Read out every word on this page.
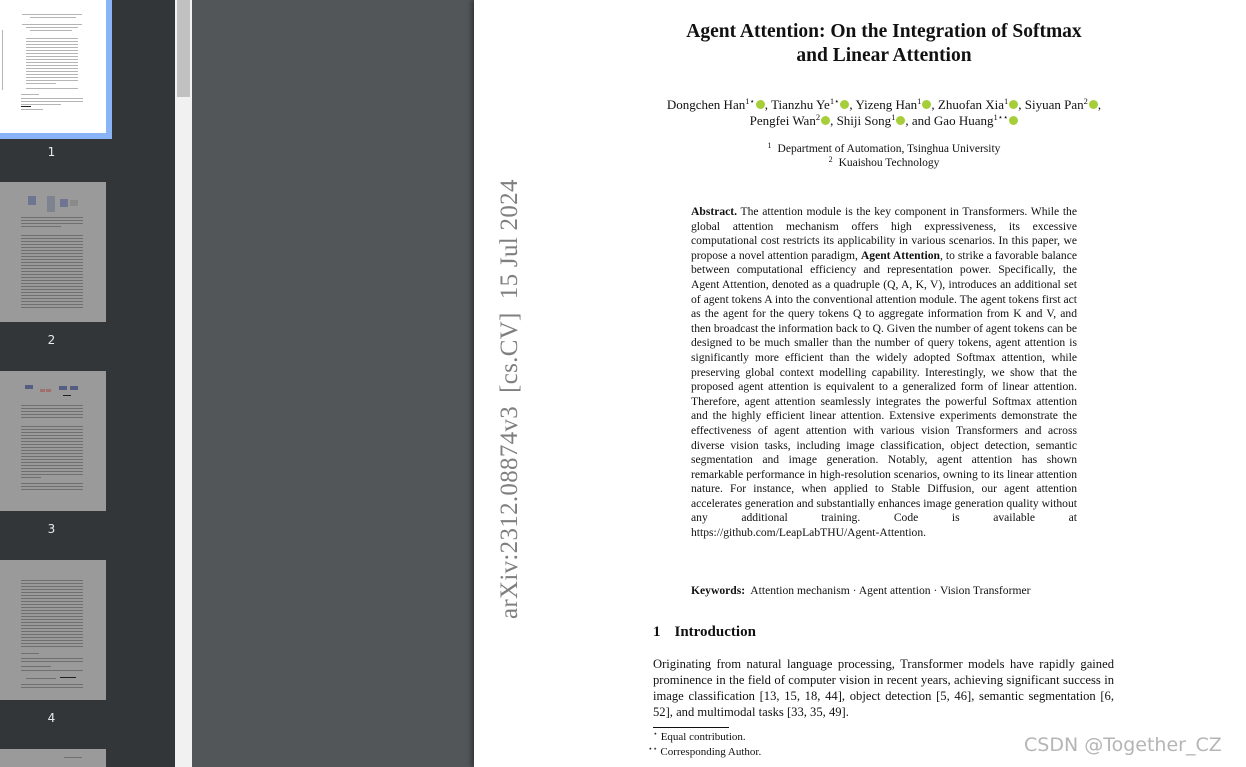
1
2
3
4
Agent Attention: On the Integration of Softmax
and Linear Attention
Dongchen Han$^{1⋆}$ , Tianzhu $Ye^{1⋆}$ , Yizeng Han$^1$ , Zhuofan Xia$^1$ , Siyuan Pan$^2$ , Pengfei Wan$^2$ , Shiji Song$^1$ , and Gao Huang$^{1⋆⋆}$
$^1$ Department of Automation, Tsinghua University
$^2$ Kuaishou Technology
Abstract. The attention module is the key component in Transformers. While the global attention mechanism offers high expressiveness, its excessive computational cost restricts its applicability in various scenarios. In this paper, we propose a novel attention paradigm, Agent Attention, to strike a favorable balance between computational efficiency and representation power. Specifically, the Agent Attention, denoted as a quadruple (Q, A, K, V), introduces an additional set of agent tokens A into the conventional attention module. The agent tokens first act as the agent for the query tokens Q to aggregate information from K and V, and then broadcast the information back to Q. Given the number of agent tokens can be designed to be much smaller than the number of query tokens, agent attention is significantly more efficient than the widely adopted Softmax attention, while preserving global context modelling capability. Interestingly, we show that the proposed agent attention is equivalent to a generalized form of linear attention. Therefore, agent attention seamlessly integrates the powerful Softmax attention and the highly efficient linear attention. Extensive experiments demonstrate the effectiveness of agent attention with various vision Transformers and across diverse vision tasks, including image classification, object detection, semantic segmentation and image generation. Notably, agent attention has shown remarkable performance in high-resolution scenarios, owning to its linear attention nature. For instance, when applied to Stable Diffusion, our agent attention accelerates generation and substantially enhances image generation quality without any additional training. Code is available at https://github.com/LeapLabTHU/Agent-Attention.
Keywords:  Attention mechanism · Agent attention · Vision Transformer
1 Introduction
Originating from natural language processing, Transformer models have rapidly gained prominence in the field of computer vision in recent years, achieving significant success in image classification [13, 15, 18, 44], object detection [5, 46], semantic segmentation [6, 52], and multimodal tasks [33, 35, 49].
⋆ Equal contribution.
⋆⋆ Corresponding Author.
arXiv:2312.08874v3  [cs.CV]  15 Jul 2024
CSDN @Together_CZ
